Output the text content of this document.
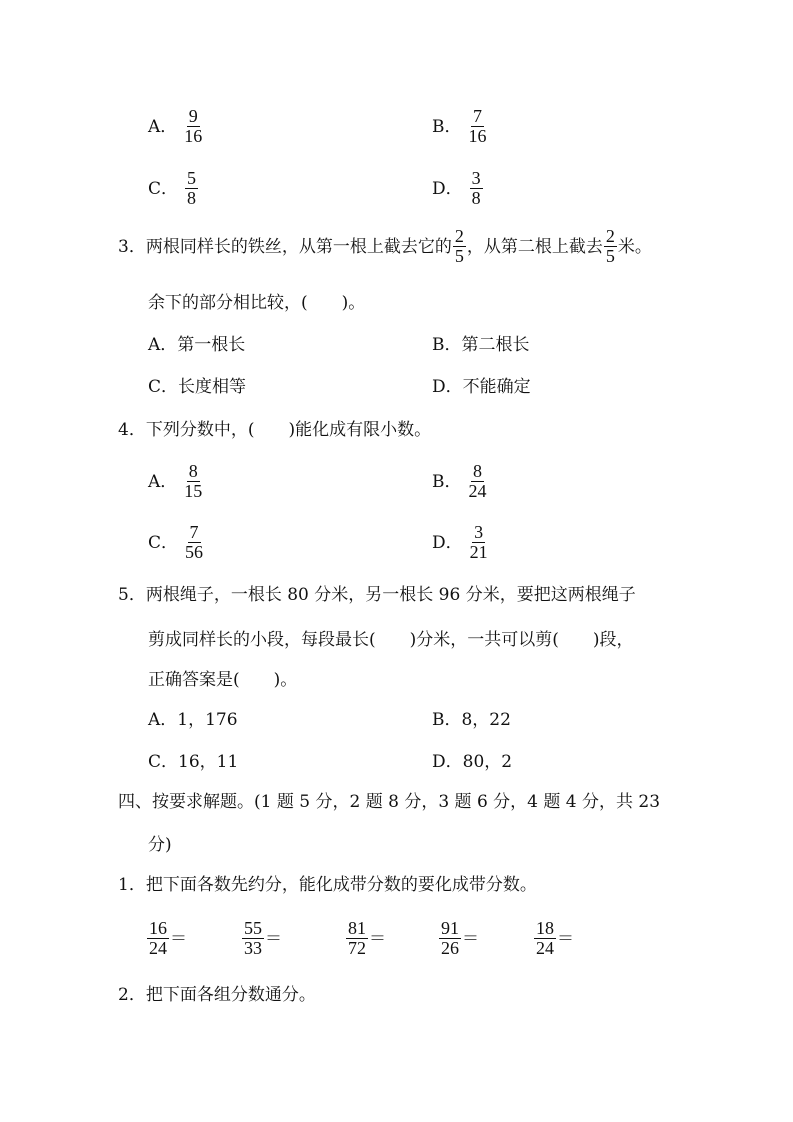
A． $\frac{9}{16}$	B． $\frac{7}{16}$
C． $\frac{5}{8}$	D． $\frac{3}{8}$
3．两根同样长的铁丝，从第一根上截去它的 $\frac{2}{5}$ ，从第二根上截去 $\frac{2}{5}$ 米。
余下的部分相比较，(　　)。
A．第一根长	B．第二根长
C．长度相等	D．不能确定
4．下列分数中，(　　)能化成有限小数。
A． $\frac{8}{15}$	B． $\frac{8}{24}$
C． $\frac{7}{56}$	D． $\frac{3}{21}$
5．两根绳子，一根长 80 分米，另一根长 96 分米，要把这两根绳子
剪成同样长的小段，每段最长(　　)分米，一共可以剪(　　)段，
正确答案是(　　)。
A．1，176	B．8，22
C．16，11	D．80，2
四、按要求解题。(1 题 5 分，2 题 8 分，3 题 6 分，4 题 4 分，共 23
分)
1．把下面各数先约分，能化成带分数的要化成带分数。
$\frac{16}{24}$ ＝	$\frac{55}{33}$ ＝	$\frac{81}{72}$ ＝	$\frac{91}{26}$ ＝	$\frac{18}{24}$ ＝
2．把下面各组分数通分。
